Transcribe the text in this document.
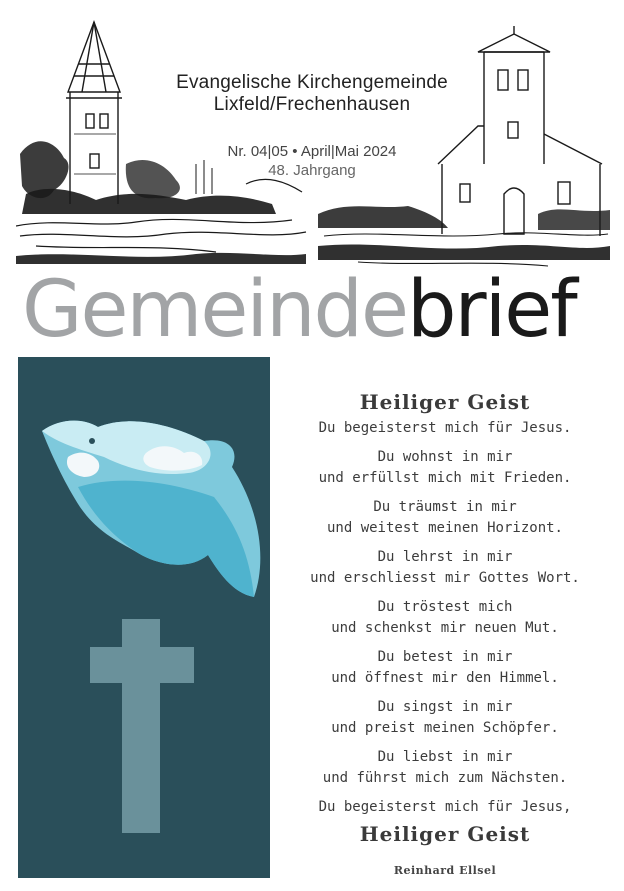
Evangelische Kirchengemeinde
Lixfeld/Frechenhausen
Nr. 04|05 • April|Mai 2024
48. Jahrgang
Gemeindebrief
Heiliger Geist
Du begeisterst mich für Jesus.
Du wohnst in mir
und erfüllst mich mit Frieden.
Du träumst in mir
und weitest meinen Horizont.
Du lehrst in mir
und erschliesst mir Gottes Wort.
Du tröstest mich
und schenkst mir neuen Mut.
Du betest in mir
und öffnest mir den Himmel.
Du singst in mir
und preist meinen Schöpfer.
Du liebst in mir
und führst mich zum Nächsten.
Du begeisterst mich für Jesus,
Heiliger Geist
Reinhard Ellsel
